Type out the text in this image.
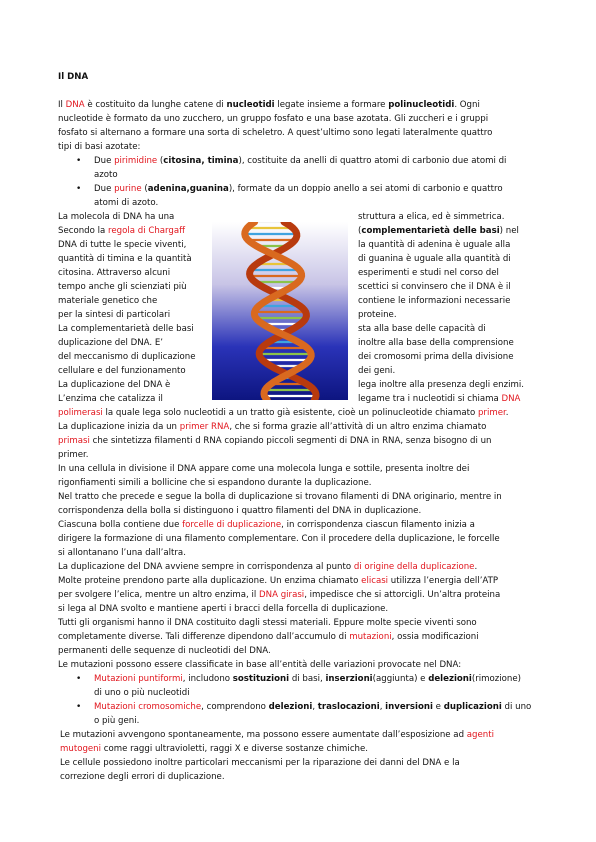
Il DNA
Il DNA è costituito da lunghe catene di nucleotidi legate insieme a formare polinucleotidi. Ogni
nucleotide è formato da uno zucchero, un gruppo fosfato e una base azotata. Gli zuccheri e i gruppi
fosfato si alternano a formare una sorta di scheletro. A quest’ultimo sono legati lateralmente quattro
tipi di basi azotate:
• Due pirimidine (citosina, timina), costituite da anelli di quattro atomi di carbonio due atomi di
azoto
• Due purine (adenina,guanina), formate da un doppio anello a sei atomi di carbonio e quattro
atomi di azoto.
La molecola di DNA ha una
Secondo la regola di Chargaff
DNA di tutte le specie viventi,
quantità di timina e la quantità
citosina. Attraverso alcuni
tempo anche gli scienziati più
materiale genetico che
per la sintesi di particolari
La complementarietà delle basi
duplicazione del DNA. E’
del meccanismo di duplicazione
cellulare e del funzionamento
La duplicazione del DNA è
L’enzima che catalizza il
struttura a elica, ed è simmetrica.
(complementarietà delle basi) nel
la quantità di adenina è uguale alla
di guanina è uguale alla quantità di
esperimenti e studi nel corso del
scettici si convinsero che il DNA è il
contiene le informazioni necessarie
proteine.
sta alla base delle capacità di
inoltre alla base della comprensione
dei cromosomi prima della divisione
dei geni.
lega inoltre alla presenza degli enzimi.
legame tra i nucleotidi si chiama DNA
polimerasi la quale lega solo nucleotidi a un tratto già esistente, cioè un polinucleotide chiamato primer.
La duplicazione inizia da un primer RNA, che si forma grazie all’attività di un altro enzima chiamato
primasi che sintetizza filamenti d RNA copiando piccoli segmenti di DNA in RNA, senza bisogno di un
primer.
In una cellula in divisione il DNA appare come una molecola lunga e sottile, presenta inoltre dei
rigonfiamenti simili a bollicine che si espandono durante la duplicazione.
Nel tratto che precede e segue la bolla di duplicazione si trovano filamenti di DNA originario, mentre in
corrispondenza della bolla si distinguono i quattro filamenti del DNA in duplicazione.
Ciascuna bolla contiene due forcelle di duplicazione, in corrispondenza ciascun filamento inizia a
dirigere la formazione di una filamento complementare. Con il procedere della duplicazione, le forcelle
si allontanano l’una dall’altra.
La duplicazione del DNA avviene sempre in corrispondenza al punto di origine della duplicazione.
Molte proteine prendono parte alla duplicazione. Un enzima chiamato elicasi utilizza l’energia dell’ATP
per svolgere l’elica, mentre un altro enzima, il DNA girasi, impedisce che si attorcigli. Un’altra proteina
si lega al DNA svolto e mantiene aperti i bracci della forcella di duplicazione.
Tutti gli organismi hanno il DNA costituito dagli stessi materiali. Eppure molte specie viventi sono
completamente diverse. Tali differenze dipendono dall’accumulo di mutazioni, ossia modificazioni
permanenti delle sequenze di nucleotidi del DNA.
Le mutazioni possono essere classificate in base all’entità delle variazioni provocate nel DNA:
• Mutazioni puntiformi, includono sostituzioni di basi, inserzioni(aggiunta) e delezioni(rimozione)
di uno o più nucleotidi
• Mutazioni cromosomiche, comprendono delezioni, traslocazioni, inversioni e duplicazioni di uno
o più geni.
Le mutazioni avvengono spontaneamente, ma possono essere aumentate dall’esposizione ad agenti
mutogeni come raggi ultravioletti, raggi X e diverse sostanze chimiche.
Le cellule possiedono inoltre particolari meccanismi per la riparazione dei danni del DNA e la
correzione degli errori di duplicazione.
